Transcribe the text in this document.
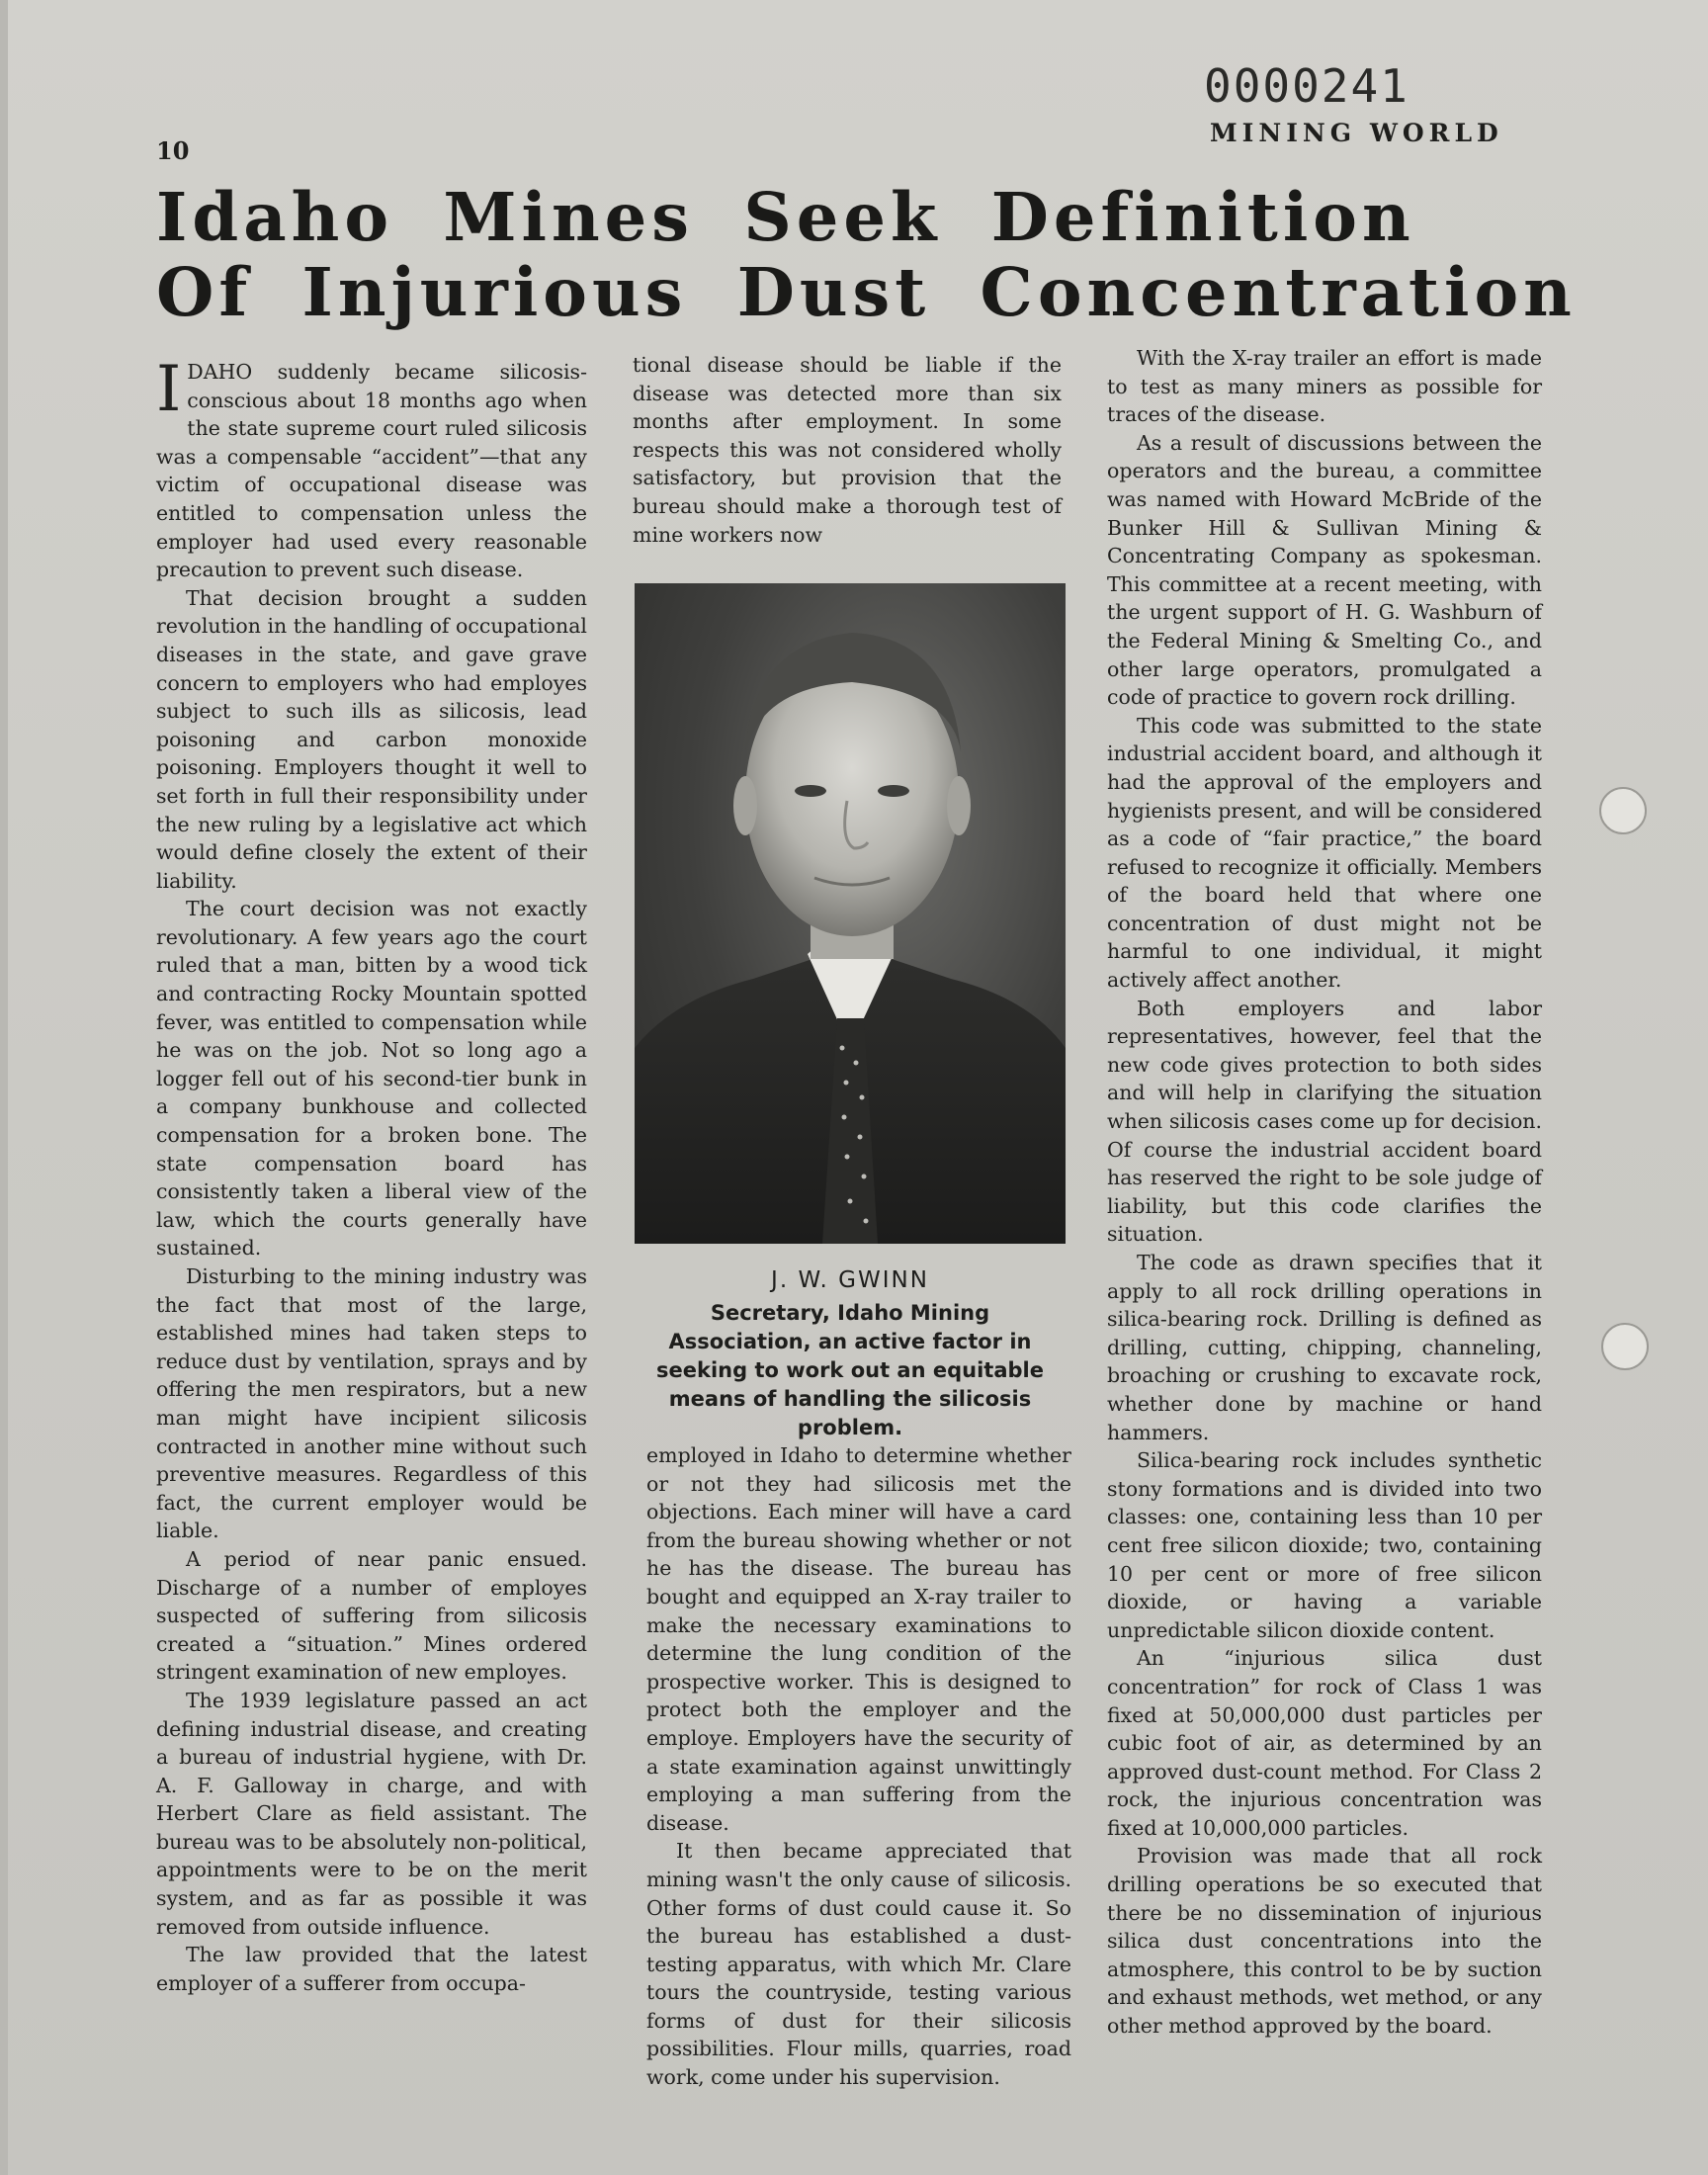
0000241
10
MINING WORLD
Idaho Mines Seek Definition
Of Injurious Dust Concentration

IDAHO suddenly became silicosis-conscious about 18 months ago when the state supreme court ruled silicosis was a compensable “accident”—that any victim of occupational disease was entitled to compensation unless the employer had used every reasonable precaution to prevent such disease.

That decision brought a sudden revolution in the handling of occupational diseases in the state, and gave grave concern to employers who had employes subject to such ills as silicosis, lead poisoning and carbon monoxide poisoning. Employers thought it well to set forth in full their responsibility under the new ruling by a legislative act which would define closely the extent of their liability.

The court decision was not exactly revolutionary. A few years ago the court ruled that a man, bitten by a wood tick and contracting Rocky Mountain spotted fever, was entitled to compensation while he was on the job. Not so long ago a logger fell out of his second-tier bunk in a company bunkhouse and collected compensation for a broken bone. The state compensation board has consistently taken a liberal view of the law, which the courts generally have sustained.

Disturbing to the mining industry was the fact that most of the large, established mines had taken steps to reduce dust by ventilation, sprays and by offering the men respirators, but a new man might have incipient silicosis contracted in another mine without such preventive measures. Regardless of this fact, the current employer would be liable.

A period of near panic ensued. Discharge of a number of employes suspected of suffering from silicosis created a “situation.” Mines ordered stringent examination of new employes.

The 1939 legislature passed an act defining industrial disease, and creating a bureau of industrial hygiene, with Dr. A. F. Galloway in charge, and with Herbert Clare as field assistant. The bureau was to be absolutely non-political, appointments were to be on the merit system, and as far as possible it was removed from outside influence.

The law provided that the latest employer of a sufferer from occupa-

tional disease should be liable if the disease was detected more than six months after employment. In some respects this was not considered wholly satisfactory, but provision that the bureau should make a thorough test of mine workers now

J. W. GWINN
Secretary, Idaho Mining Association, an active factor in seeking to work out an equitable means of handling the silicosis problem.

employed in Idaho to determine whether or not they had silicosis met the objections. Each miner will have a card from the bureau showing whether or not he has the disease. The bureau has bought and equipped an X-ray trailer to make the necessary examinations to determine the lung condition of the prospective worker. This is designed to protect both the employer and the employe. Employers have the security of a state examination against unwittingly employing a man suffering from the disease.

It then became appreciated that mining wasn't the only cause of silicosis. Other forms of dust could cause it. So the bureau has established a dust-testing apparatus, with which Mr. Clare tours the countryside, testing various forms of dust for their silicosis possibilities. Flour mills, quarries, road work, come under his supervision.

With the X-ray trailer an effort is made to test as many miners as possible for traces of the disease.

As a result of discussions between the operators and the bureau, a committee was named with Howard McBride of the Bunker Hill & Sullivan Mining & Concentrating Company as spokesman. This committee at a recent meeting, with the urgent support of H. G. Washburn of the Federal Mining & Smelting Co., and other large operators, promulgated a code of practice to govern rock drilling.

This code was submitted to the state industrial accident board, and although it had the approval of the employers and hygienists present, and will be considered as a code of “fair practice,” the board refused to recognize it officially. Members of the board held that where one concentration of dust might not be harmful to one individual, it might actively affect another.

Both employers and labor representatives, however, feel that the new code gives protection to both sides and will help in clarifying the situation when silicosis cases come up for decision. Of course the industrial accident board has reserved the right to be sole judge of liability, but this code clarifies the situation.

The code as drawn specifies that it apply to all rock drilling operations in silica-bearing rock. Drilling is defined as drilling, cutting, chipping, channeling, broaching or crushing to excavate rock, whether done by machine or hand hammers.

Silica-bearing rock includes synthetic stony formations and is divided into two classes: one, containing less than 10 per cent free silicon dioxide; two, containing 10 per cent or more of free silicon dioxide, or having a variable unpredictable silicon dioxide content.

An “injurious silica dust concentration” for rock of Class 1 was fixed at 50,000,000 dust particles per cubic foot of air, as determined by an approved dust-count method. For Class 2 rock, the injurious concentration was fixed at 10,000,000 particles.

Provision was made that all rock drilling operations be so executed that there be no dissemination of injurious silica dust concentrations into the atmosphere, this control to be by suction and exhaust methods, wet method, or any other method approved by the board.
